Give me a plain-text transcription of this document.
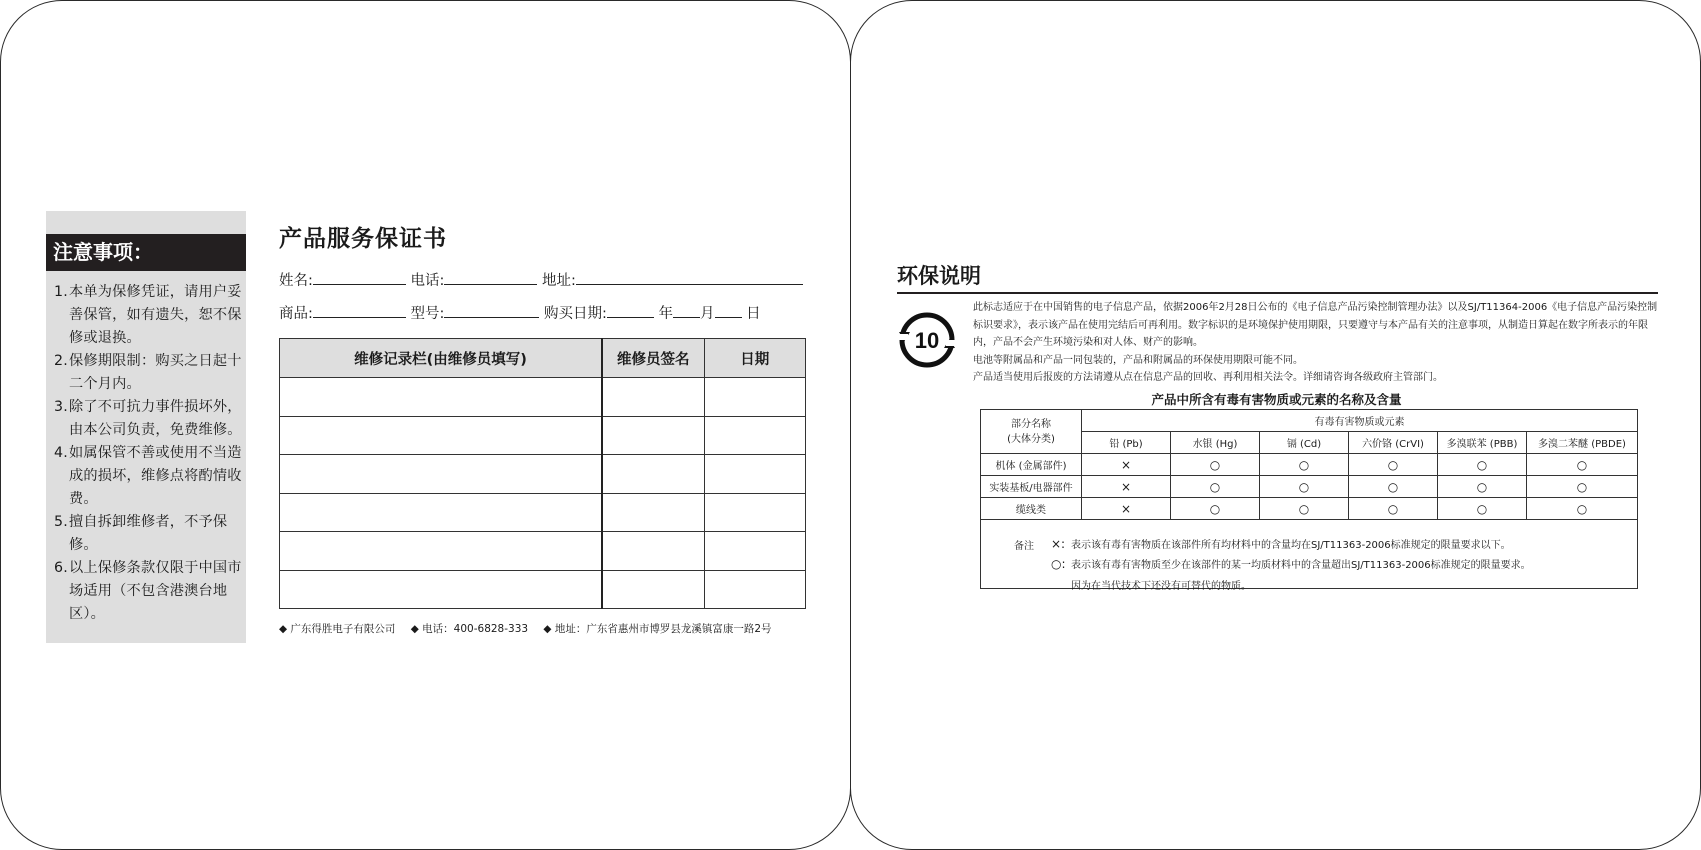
注意事项：
1. 本单为保修凭证，请用户妥善保管，如有遗失，恕不保修或退换。
2. 保修期限制：购买之日起十二个月内。
3. 除了不可抗力事件损坏外，由本公司负责，免费维修。
4. 如属保管不善或使用不当造成的损坏，维修点将酌情收费。
5. 擅自拆卸维修者，不予保修。
6. 以上保修条款仅限于中国市场适用（不包含港澳台地区）。
产品服务保证书
姓名:	电话:	地址:
商品:	型号:	购买日期:	年 月 日
维修记录栏(由维修员填写)	维修员签名	日期

◆ 广东得胜电子有限公司 ◆ 电话：400-6828-333 ◆ 地址：广东省惠州市博罗县龙溪镇富康一路2号
环保说明
10

此标志适应于在中国销售的电子信息产品，依据2006年2月28日公布的《电子信息产品污染控制管理办法》以及SJ/T11364-2006《电子信息产品污染控制标识要求》，表示该产品在使用完结后可再利用。数字标识的是环境保护使用期限，只要遵守与本产品有关的注意事项，从制造日算起在数字所表示的年限内，产品不会产生环境污染和对人体、财产的影响。

电池等附属品和产品一同包装的，产品和附属品的环保使用期限可能不同。

产品适当使用后报废的方法请遵从点在信息产品的回收、再利用相关法令。详细请咨询各级政府主管部门。

产品中所含有毒有害物质或元素的名称及含量
部分名称
(大体分类)	有毒有害物质或元素					
	铅 (Pb)	水银 (Hg)	镉 (Cd)	六价铬 (CrVI)	多溴联苯 (PBB)	多溴二苯醚 (PBDE)
机体 (金属部件)	×	○	○	○	○	○
实装基板/电器部件	×	○	○	○	○	○
缆线类	×	○	○	○	○	○
备注 ×: 表示该有毒有害物质在该部件所有均材料中的含量均在SJ/T11363-2006标准规定的限量要求以下。
○: 表示该有毒有害物质至少在该部件的某一均质材料中的含量超出SJ/T11363-2006标准规定的限量要求。
因为在当代技术下还没有可替代的物质。
